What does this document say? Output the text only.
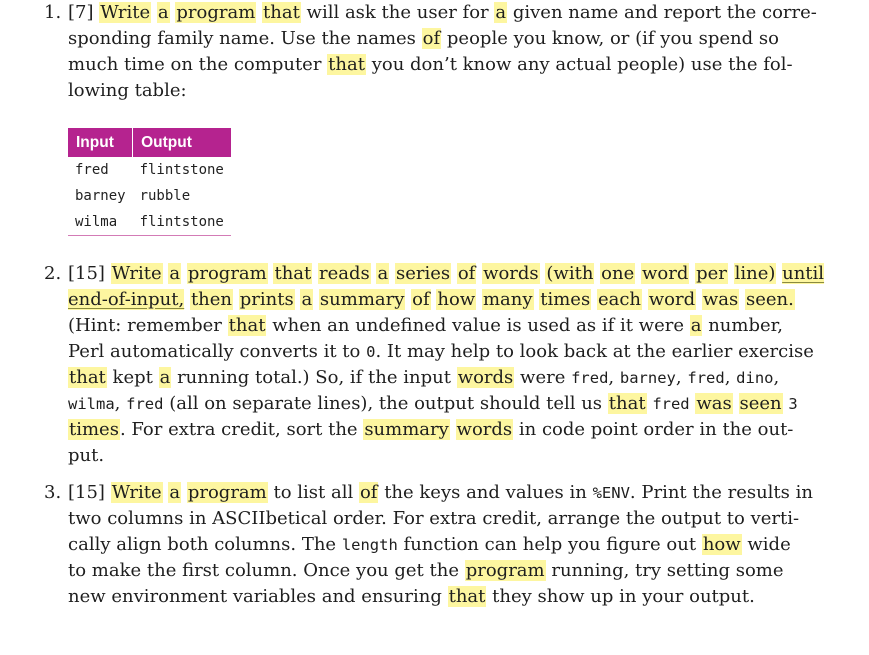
1. [7] Write a program that will ask the user for a given name and report the corre-
sponding family name. Use the names of people you know, or (if you spend so
much time on the computer that you don’t know any actual people) use the fol-
lowing table:
Input	Output
fred	flintstone
barney	rubble
wilma	flintstone
2. [15] Write a program that reads a series of words (with one word per line) until
end-of-input, then prints a summary of how many times each word was seen.
(Hint: remember that when an undefined value is used as if it were a number,
Perl automatically converts it to 0. It may help to look back at the earlier exercise
that kept a running total.) So, if the input words were fred, barney, fred, dino,
wilma, fred (all on separate lines), the output should tell us that fred was seen 3
times. For extra credit, sort the summary words in code point order in the out-
put.
3. [15] Write a program to list all of the keys and values in %ENV. Print the results in
two columns in ASCIIbetical order. For extra credit, arrange the output to verti-
cally align both columns. The length function can help you figure out how wide
to make the first column. Once you get the program running, try setting some
new environment variables and ensuring that they show up in your output.
